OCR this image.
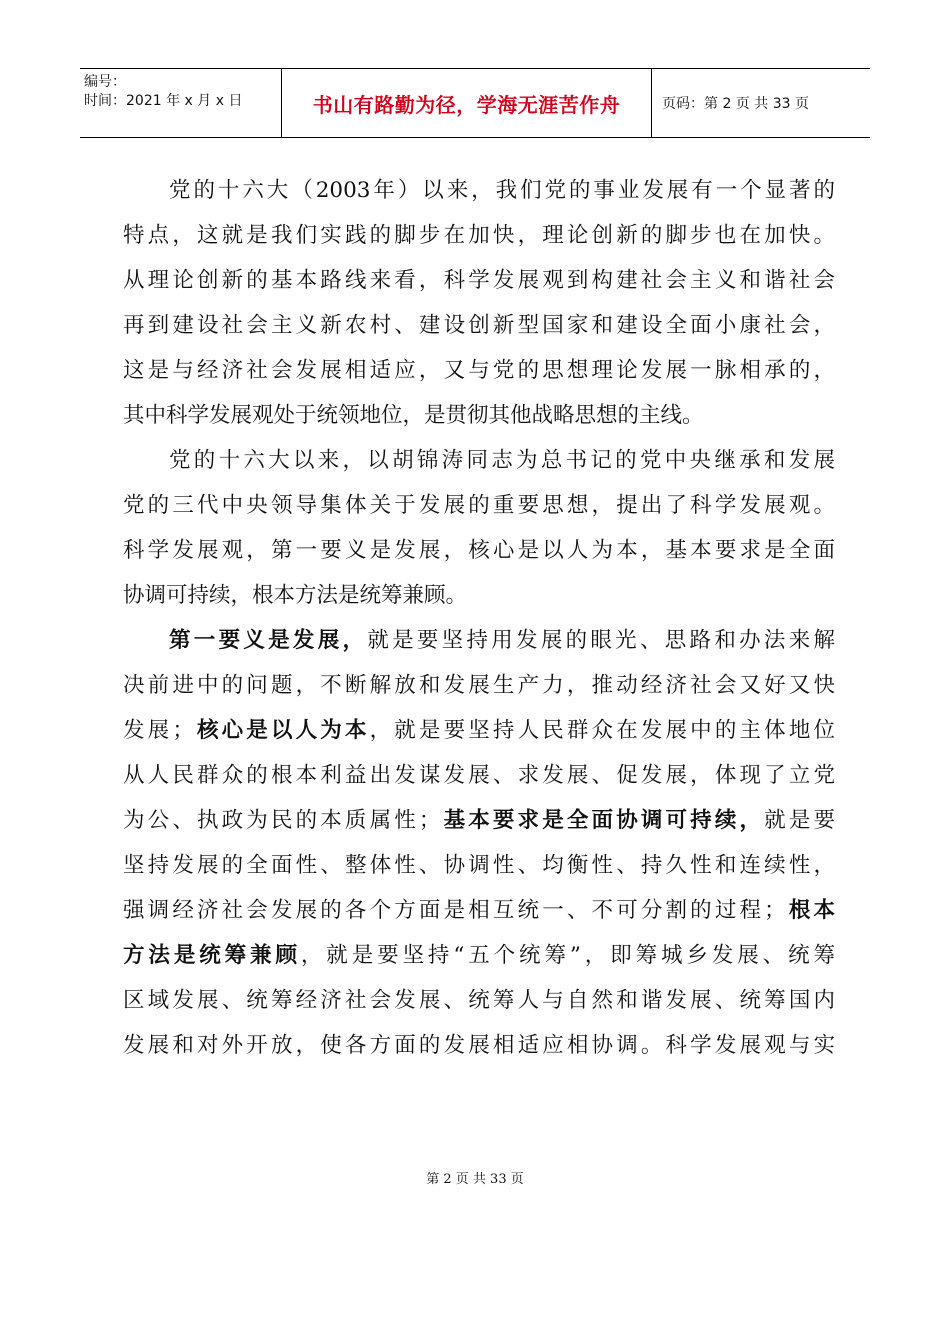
编号：
时间：2021 年 x 月 x 日	书山有路勤为径，学海无涯苦作舟	页码：第 2 页 共 33 页
党的十六大（2003年）以来，我们党的事业发展有一个显著的
特点，这就是我们实践的脚步在加快，理论创新的脚步也在加快。
从理论创新的基本路线来看，科学发展观到构建社会主义和谐社会
再到建设社会主义新农村、建设创新型国家和建设全面小康社会，
这是与经济社会发展相适应，又与党的思想理论发展一脉相承的，
其中科学发展观处于统领地位，是贯彻其他战略思想的主线。
党的十六大以来，以胡锦涛同志为总书记的党中央继承和发展
党的三代中央领导集体关于发展的重要思想，提出了科学发展观。
科学发展观，第一要义是发展，核心是以人为本，基本要求是全面
协调可持续，根本方法是统筹兼顾。
第一要义是发展，就是要坚持用发展的眼光、思路和办法来解
决前进中的问题，不断解放和发展生产力，推动经济社会又好又快
发展；核心是以人为本，就是要坚持人民群众在发展中的主体地位
从人民群众的根本利益出发谋发展、求发展、促发展，体现了立党
为公、执政为民的本质属性；基本要求是全面协调可持续，就是要
坚持发展的全面性、整体性、协调性、均衡性、持久性和连续性，
强调经济社会发展的各个方面是相互统一、不可分割的过程；根本
方法是统筹兼顾，就是要坚持“五个统筹”，即筹城乡发展、统筹
区域发展、统筹经济社会发展、统筹人与自然和谐发展、统筹国内
发展和对外开放，使各方面的发展相适应相协调。科学发展观与实
第 2 页 共 33 页
